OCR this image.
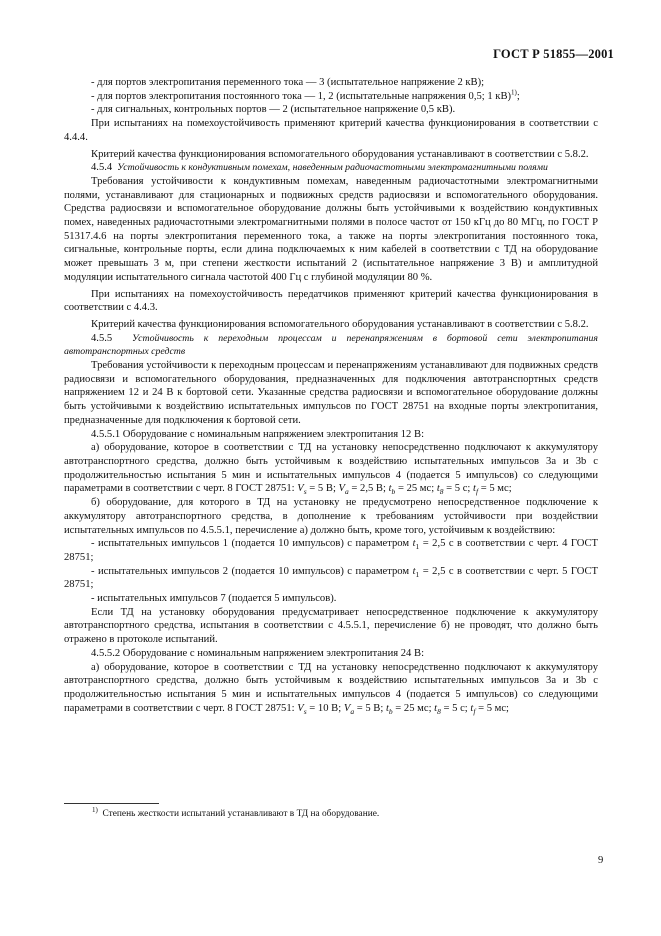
ГОСТ Р 51855—2001

- для портов электропитания переменного тока — 3 (испытательное напряжение 2 кВ);

- для портов электропитания постоянного тока — 1, 2 (испытательные напряжения 0,5; 1 кВ)$^{1)}$;

- для сигнальных, контрольных портов — 2 (испытательное напряжение 0,5 кВ).

При испытаниях на помехоустойчивость применяют критерий качества функционирования в соответствии с 4.4.4.

Критерий качества функционирования вспомогательного оборудования устанавливают в соответствии с 5.8.2.

4.5.4 Устойчивость к кондуктивным помехам, наведенным радиочастотными электромагнитными полями

Требования устойчивости к кондуктивным помехам, наведенным радиочастотными электромагнитными полями, устанавливают для стационарных и подвижных средств радиосвязи и вспомогательного оборудования. Средства радиосвязи и вспомогательное оборудование должны быть устойчивыми к воздействию кондуктивных помех, наведенных радиочастотными электромагнитными полями в полосе частот от 150 кГц до 80 МГц, по ГОСТ Р 51317.4.6 на порты электропитания переменного тока, а также на порты электропитания постоянного тока, сигнальные, контрольные порты, если длина подключаемых к ним кабелей в соответствии с ТД на оборудование может превышать 3 м, при степени жесткости испытаний 2 (испытательное напряжение 3 В) и амплитудной модуляции испытательного сигнала частотой 400 Гц с глубиной модуляции 80 %.

При испытаниях на помехоустойчивость передатчиков применяют критерий качества функционирования в соответствии с 4.4.3.

Критерий качества функционирования вспомогательного оборудования устанавливают в соответствии с 5.8.2.

4.5.5 Устойчивость к переходным процессам и перенапряжениям в бортовой сети электропитания автотранспортных средств

Требования устойчивости к переходным процессам и перенапряжениям устанавливают для подвижных средств радиосвязи и вспомогательного оборудования, предназначенных для подключения автотранспортных средств напряжением 12 и 24 В к бортовой сети. Указанные средства радиосвязи и вспомогательное оборудование должны быть устойчивыми к воздействию испытательных импульсов по ГОСТ 28751 на входные порты электропитания, предназначенные для подключения к бортовой сети.

4.5.5.1 Оборудование с номинальным напряжением электропитания 12 В:

а) оборудование, которое в соответствии с ТД на установку непосредственно подключают к аккумулятору автотранспортного средства, должно быть устойчивым к воздействию испытательных импульсов 3a и 3b с продолжительностью испытания 5 мин и испытательных импульсов 4 (подается 5 импульсов) со следующими параметрами в соответствии с черт. 8 ГОСТ 28751: $V_s = 5$ В; $V_a = 2,5$ В; $t_b = 25$ мс; $t_8 = 5$ с; $t_f = 5$ мс;

б) оборудование, для которого в ТД на установку не предусмотрено непосредственное подключение к аккумулятору автотранспортного средства, в дополнение к требованиям устойчивости при воздействии испытательных импульсов по 4.5.5.1, перечисление а) должно быть, кроме того, устойчивым к воздействию:

- испытательных импульсов 1 (подается 10 импульсов) с параметром $t_1 = 2,5$ с в соответствии с черт. 4 ГОСТ 28751;

- испытательных импульсов 2 (подается 10 импульсов) с параметром $t_1 = 2,5$ с в соответствии с черт. 5 ГОСТ 28751;

- испытательных импульсов 7 (подается 5 импульсов).

Если ТД на установку оборудования предусматривает непосредственное подключение к аккумулятору автотранспортного средства, испытания в соответствии с 4.5.5.1, перечисление б) не проводят, что должно быть отражено в протоколе испытаний.

4.5.5.2 Оборудование с номинальным напряжением электропитания 24 В:

а) оборудование, которое в соответствии с ТД на установку непосредственно подключают к аккумулятору автотранспортного средства, должно быть устойчивым к воздействию испытательных импульсов 3a и 3b с продолжительностью испытания 5 мин и испытательных импульсов 4 (подается 5 импульсов) со следующими параметрами в соответствии с черт. 8 ГОСТ 28751: $V_s = 10$ В; $V_a = 5$ В; $t_b = 25$ мс; $t_8 = 5$ с; $t_f = 5$ мс;

$^{1)}$ Степень жесткости испытаний устанавливают в ТД на оборудование.
9
